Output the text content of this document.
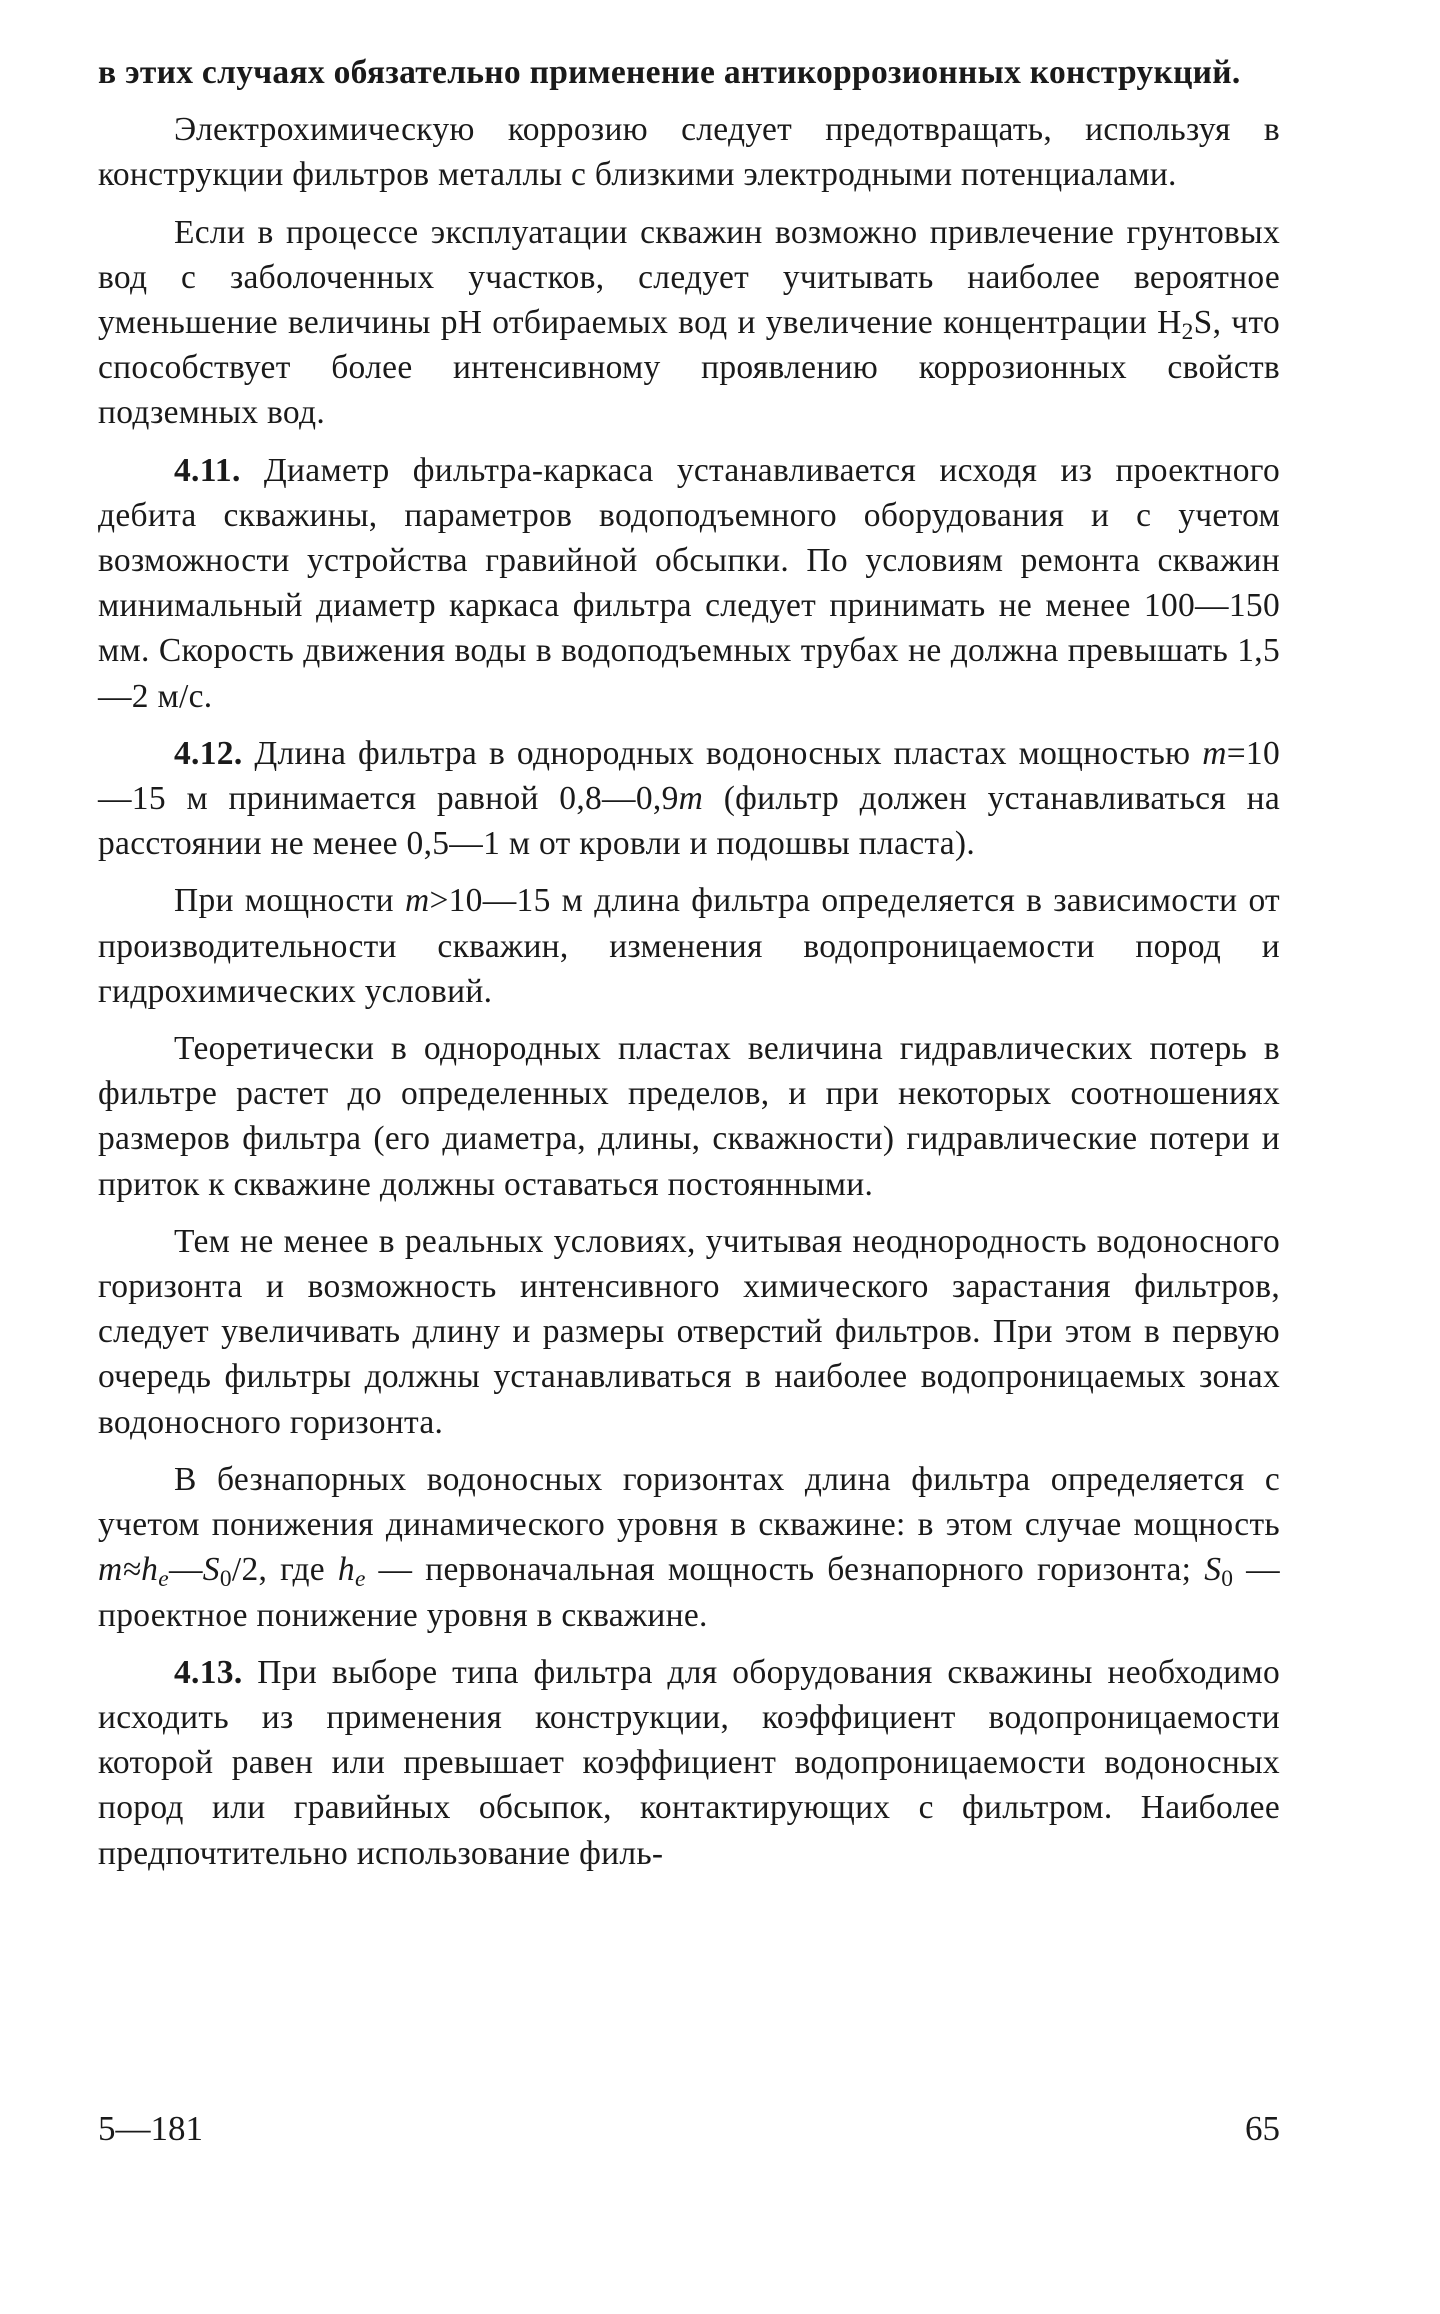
в этих случаях обязательно применение антикоррозионных конструкций.

Электрохимическую коррозию следует предотвращать, используя в конструкции фильтров металлы с близкими электродными потенциалами.

Если в процессе эксплуатации скважин возможно привлечение грунтовых вод с заболоченных участков, следует учитывать наиболее вероятное уменьшение величины pH отбираемых вод и увеличение концентрации $H_2S$, что способствует более интенсивному проявлению коррозионных свойств подземных вод.

4.11. Диаметр фильтра-каркаса устанавливается исходя из проектного дебита скважины, параметров водоподъемного оборудования и с учетом возможности устройства гравийной обсыпки. По условиям ремонта скважин минимальный диаметр каркаса фильтра следует принимать не менее 100—150 мм. Скорость движения воды в водоподъемных трубах не должна превышать 1,5—2 м/с.

4.12. Длина фильтра в однородных водоносных пластах мощностью m=10—15 м принимается равной 0,8—0,9m (фильтр должен устанавливаться на расстоянии не менее 0,5—1 м от кровли и подошвы пласта).

При мощности m>10—15 м длина фильтра определяется в зависимости от производительности скважин, изменения водопроницаемости пород и гидрохимических условий.

Теоретически в однородных пластах величина гидравлических потерь в фильтре растет до определенных пределов, и при некоторых соотношениях размеров фильтра (его диаметра, длины, скважности) гидравлические потери и приток к скважине должны оставаться постоянными.

Тем не менее в реальных условиях, учитывая неоднородность водоносного горизонта и возможность интенсивного химического зарастания фильтров, следует увеличивать длину и размеры отверстий фильтров. При этом в первую очередь фильтры должны устанавливаться в наиболее водопроницаемых зонах водоносного горизонта.

В безнапорных водоносных горизонтах длина фильтра определяется с учетом понижения динамического уровня в скважине: в этом случае мощность $m\approx h_e—S_0/2$, где $h_e$ — первоначальная мощность безнапорного горизонта; $S_0$ — проектное понижение уровня в скважине.

4.13. При выборе типа фильтра для оборудования скважины необходимо исходить из применения конструкции, коэффициент водопроницаемости которой равен или превышает коэффициент водопроницаемости водоносных пород или гравийных обсыпок, контактирующих с фильтром. Наиболее предпочтительно использование филь-

5—181	65
